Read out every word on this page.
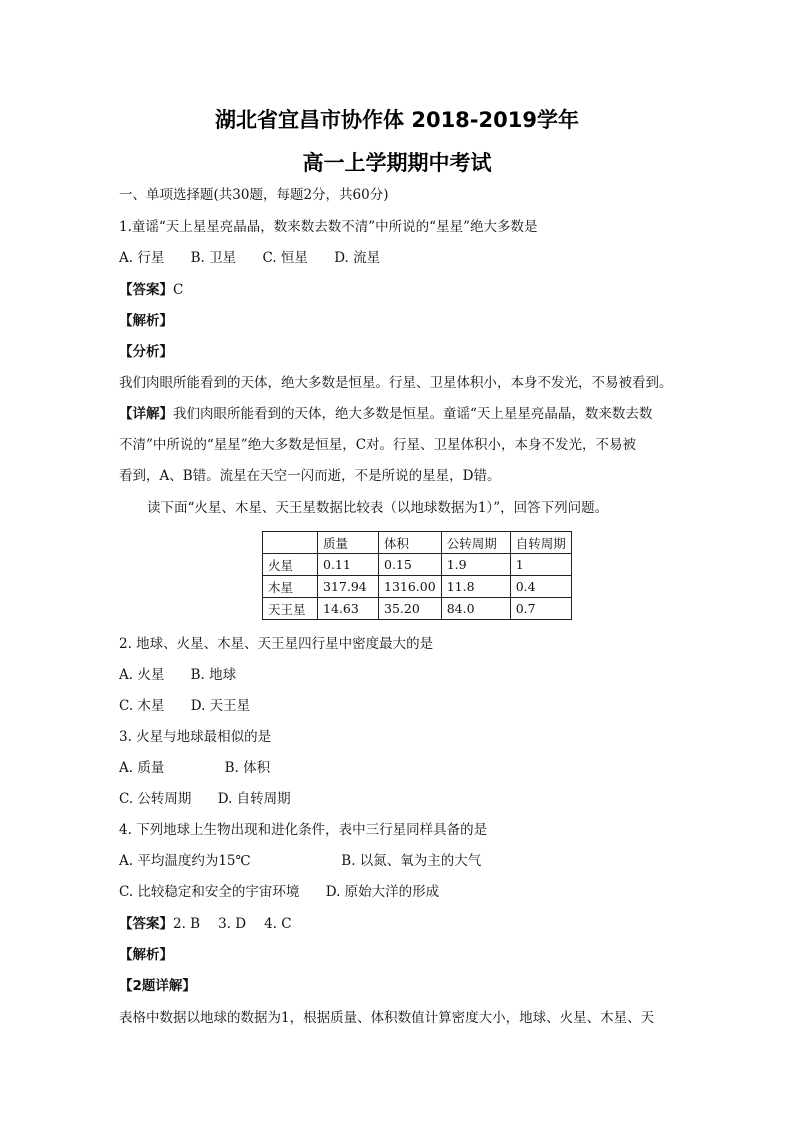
湖北省宜昌市协作体 2018-2019学年
高一上学期期中考试
一、单项选择题(共30题，每题2分，共60分)
1.童谣“天上星星亮晶晶，数来数去数不清”中所说的“星星”绝大多数是
A. 行星 B. 卫星 C. 恒星 D. 流星
【答案】C
【解析】
【分析】
我们肉眼所能看到的天体，绝大多数是恒星。行星、卫星体积小，本身不发光，不易被看到。
【详解】我们肉眼所能看到的天体，绝大多数是恒星。童谣“天上星星亮晶晶，数来数去数
不清”中所说的“星星”绝大多数是恒星，C对。行星、卫星体积小，本身不发光，不易被
看到，A、B错。流星在天空一闪而逝，不是所说的星星，D错。
读下面“火星、木星、天王星数据比较表（以地球数据为1）”，回答下列问题。
	质量	体积	公转周期	自转周期
火星	0.11	0.15	1.9	1
木星	317.94	1316.00	11.8	0.4
天王星	14.63	35.20	84.0	0.7
2. 地球、火星、木星、天王星四行星中密度最大的是
A. 火星 B. 地球
C. 木星 D. 天王星
3. 火星与地球最相似的是
A. 质量	B. 体积
C. 公转周期 D. 自转周期
4. 下列地球上生物出现和进化条件，表中三行星同样具备的是
A. 平均温度约为15℃	B. 以氮、氧为主的大气
C. 比较稳定和安全的宇宙环境 D. 原始大洋的形成
【答案】2. B 3. D 4. C
【解析】
【2题详解】
表格中数据以地球的数据为1，根据质量、体积数值计算密度大小，地球、火星、木星、天
